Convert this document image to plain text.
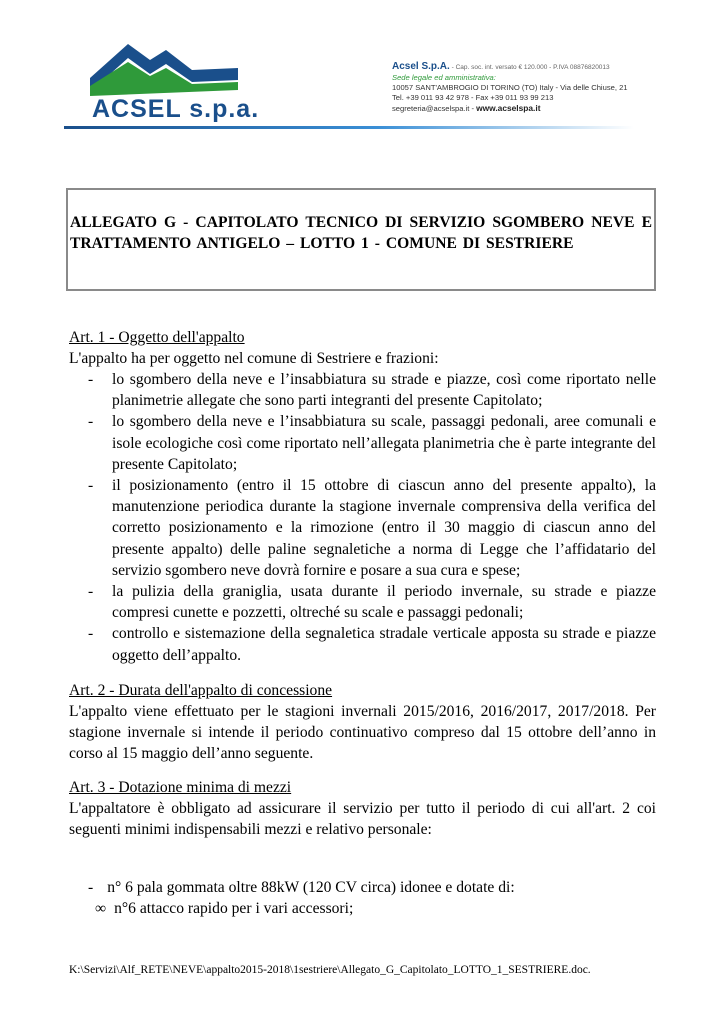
ACSEL s.p.a.
Acsel S.p.A. - Cap. soc. int. versato € 120.000 - P.IVA 08876820013
Sede legale ed amministrativa:
10057 SANT'AMBROGIO DI TORINO (TO) Italy - Via delle Chiuse, 21
Tel. +39 011 93 42 978 - Fax +39 011 93 99 213
segreteria@acselspa.it - www.acselspa.it
ALLEGATO G - CAPITOLATO TECNICO DI SERVIZIO SGOMBERO NEVE E TRATTAMENTO ANTIGELO – LOTTO 1 - COMUNE DI SESTRIERE
Art. 1 - Oggetto dell'appalto
L'appalto ha per oggetto nel comune di Sestriere e frazioni:
- lo sgombero della neve e l’insabbiatura su strade e piazze, così come riportato nelle planimetrie allegate che sono parti integranti del presente Capitolato;
- lo sgombero della neve e l’insabbiatura su scale, passaggi pedonali, aree comunali e isole ecologiche così come riportato nell’allegata planimetria che è parte integrante del presente Capitolato;
- il posizionamento (entro il 15 ottobre di ciascun anno del presente appalto), la manutenzione periodica durante la stagione invernale comprensiva della verifica del corretto posizionamento e la rimozione (entro il 30 maggio di ciascun anno del presente appalto) delle paline segnaletiche a norma di Legge che l’affidatario del servizio sgombero neve dovrà fornire e posare a sua cura e spese;
- la pulizia della graniglia, usata durante il periodo invernale, su strade e piazze compresi cunette e pozzetti, oltreché su scale e passaggi pedonali;
- controllo e sistemazione della segnaletica stradale verticale apposta su strade e piazze oggetto dell’appalto.
Art. 2 - Durata dell'appalto di concessione
L'appalto viene effettuato per le stagioni invernali 2015/2016, 2016/2017, 2017/2018. Per stagione invernale si intende il periodo continuativo compreso dal 15 ottobre dell’anno in corso al 15 maggio dell’anno seguente.
Art. 3 - Dotazione minima di mezzi
L'appaltatore è obbligato ad assicurare il servizio per tutto il periodo di cui all'art. 2 coi seguenti minimi indispensabili mezzi e relativo personale:
- n° 6 pala gommata oltre 88kW (120 CV circa) idonee e dotate di:
∞ n°6 attacco rapido per i vari accessori;
K:\Servizi\Alf_RETE\NEVE\appalto2015-2018\1sestriere\Allegato_G_Capitolato_LOTTO_1_SESTRIERE.doc.
